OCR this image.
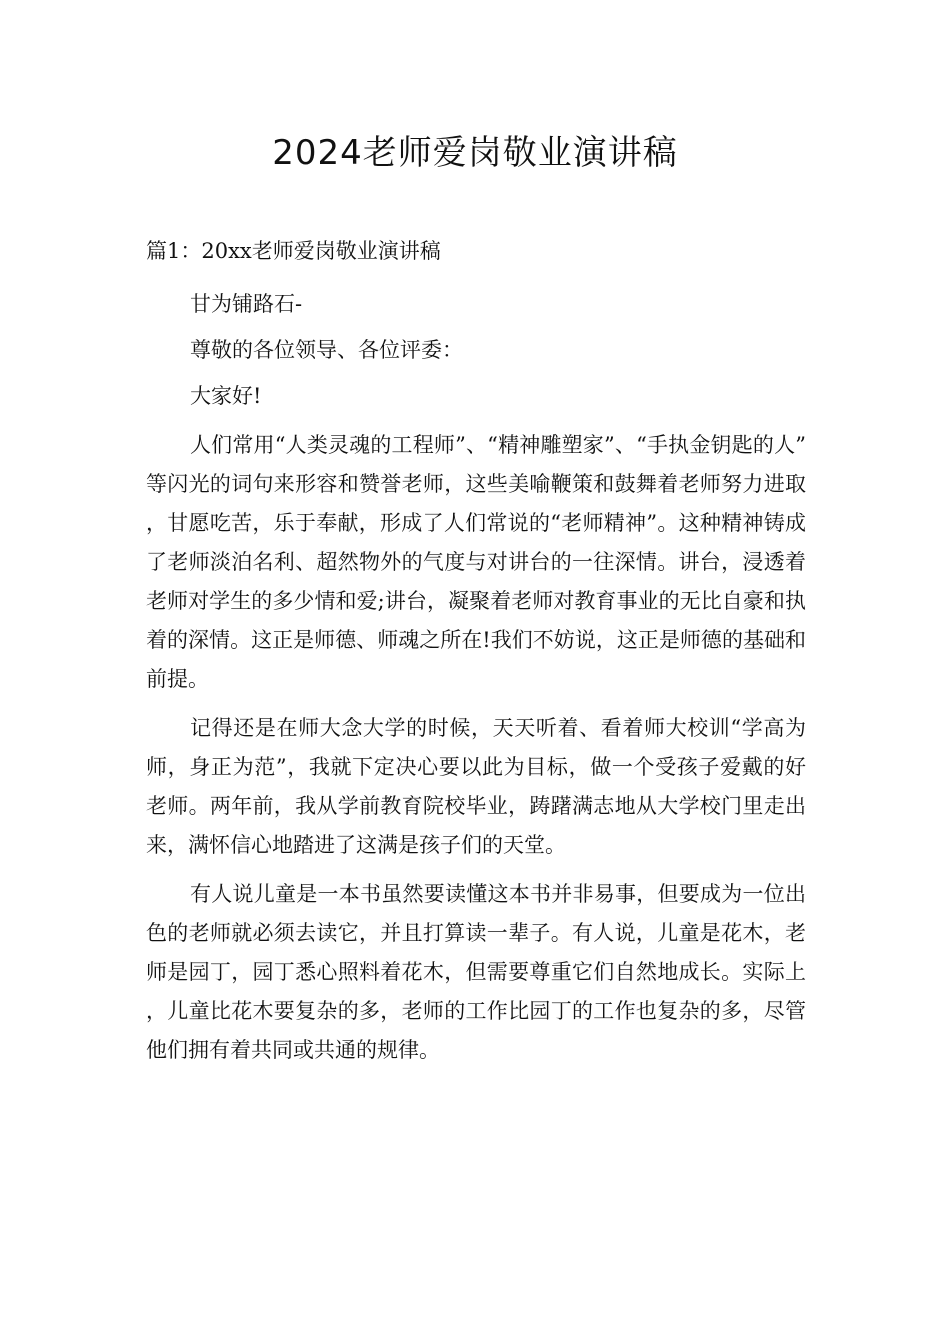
2024老师爱岗敬业演讲稿

篇1：20xx老师爱岗敬业演讲稿

甘为铺路石-

尊敬的各位领导、各位评委：

大家好!

人们常用“人类灵魂的工程师”、“精神雕塑家”、“手执金钥匙的人”等闪光的词句来形容和赞誉老师，这些美喻鞭策和鼓舞着老师努力进取，甘愿吃苦，乐于奉献，形成了人们常说的“老师精神”。这种精神铸成了老师淡泊名利、超然物外的气度与对讲台的一往深情。讲台，浸透着老师对学生的多少情和爱;讲台，凝聚着老师对教育事业的无比自豪和执着的深情。这正是师德、师魂之所在!我们不妨说，这正是师德的基础和前提。

记得还是在师大念大学的时候，天天听着、看着师大校训“学高为师，身正为范”，我就下定决心要以此为目标，做一个受孩子爱戴的好老师。两年前，我从学前教育院校毕业，踌躇满志地从大学校门里走出来，满怀信心地踏进了这满是孩子们的天堂。

有人说儿童是一本书虽然要读懂这本书并非易事，但要成为一位出色的老师就必须去读它，并且打算读一辈子。有人说，儿童是花木，老师是园丁，园丁悉心照料着花木，但需要尊重它们自然地成长。实际上，儿童比花木要复杂的多，老师的工作比园丁的工作也复杂的多，尽管他们拥有着共同或共通的规律。
